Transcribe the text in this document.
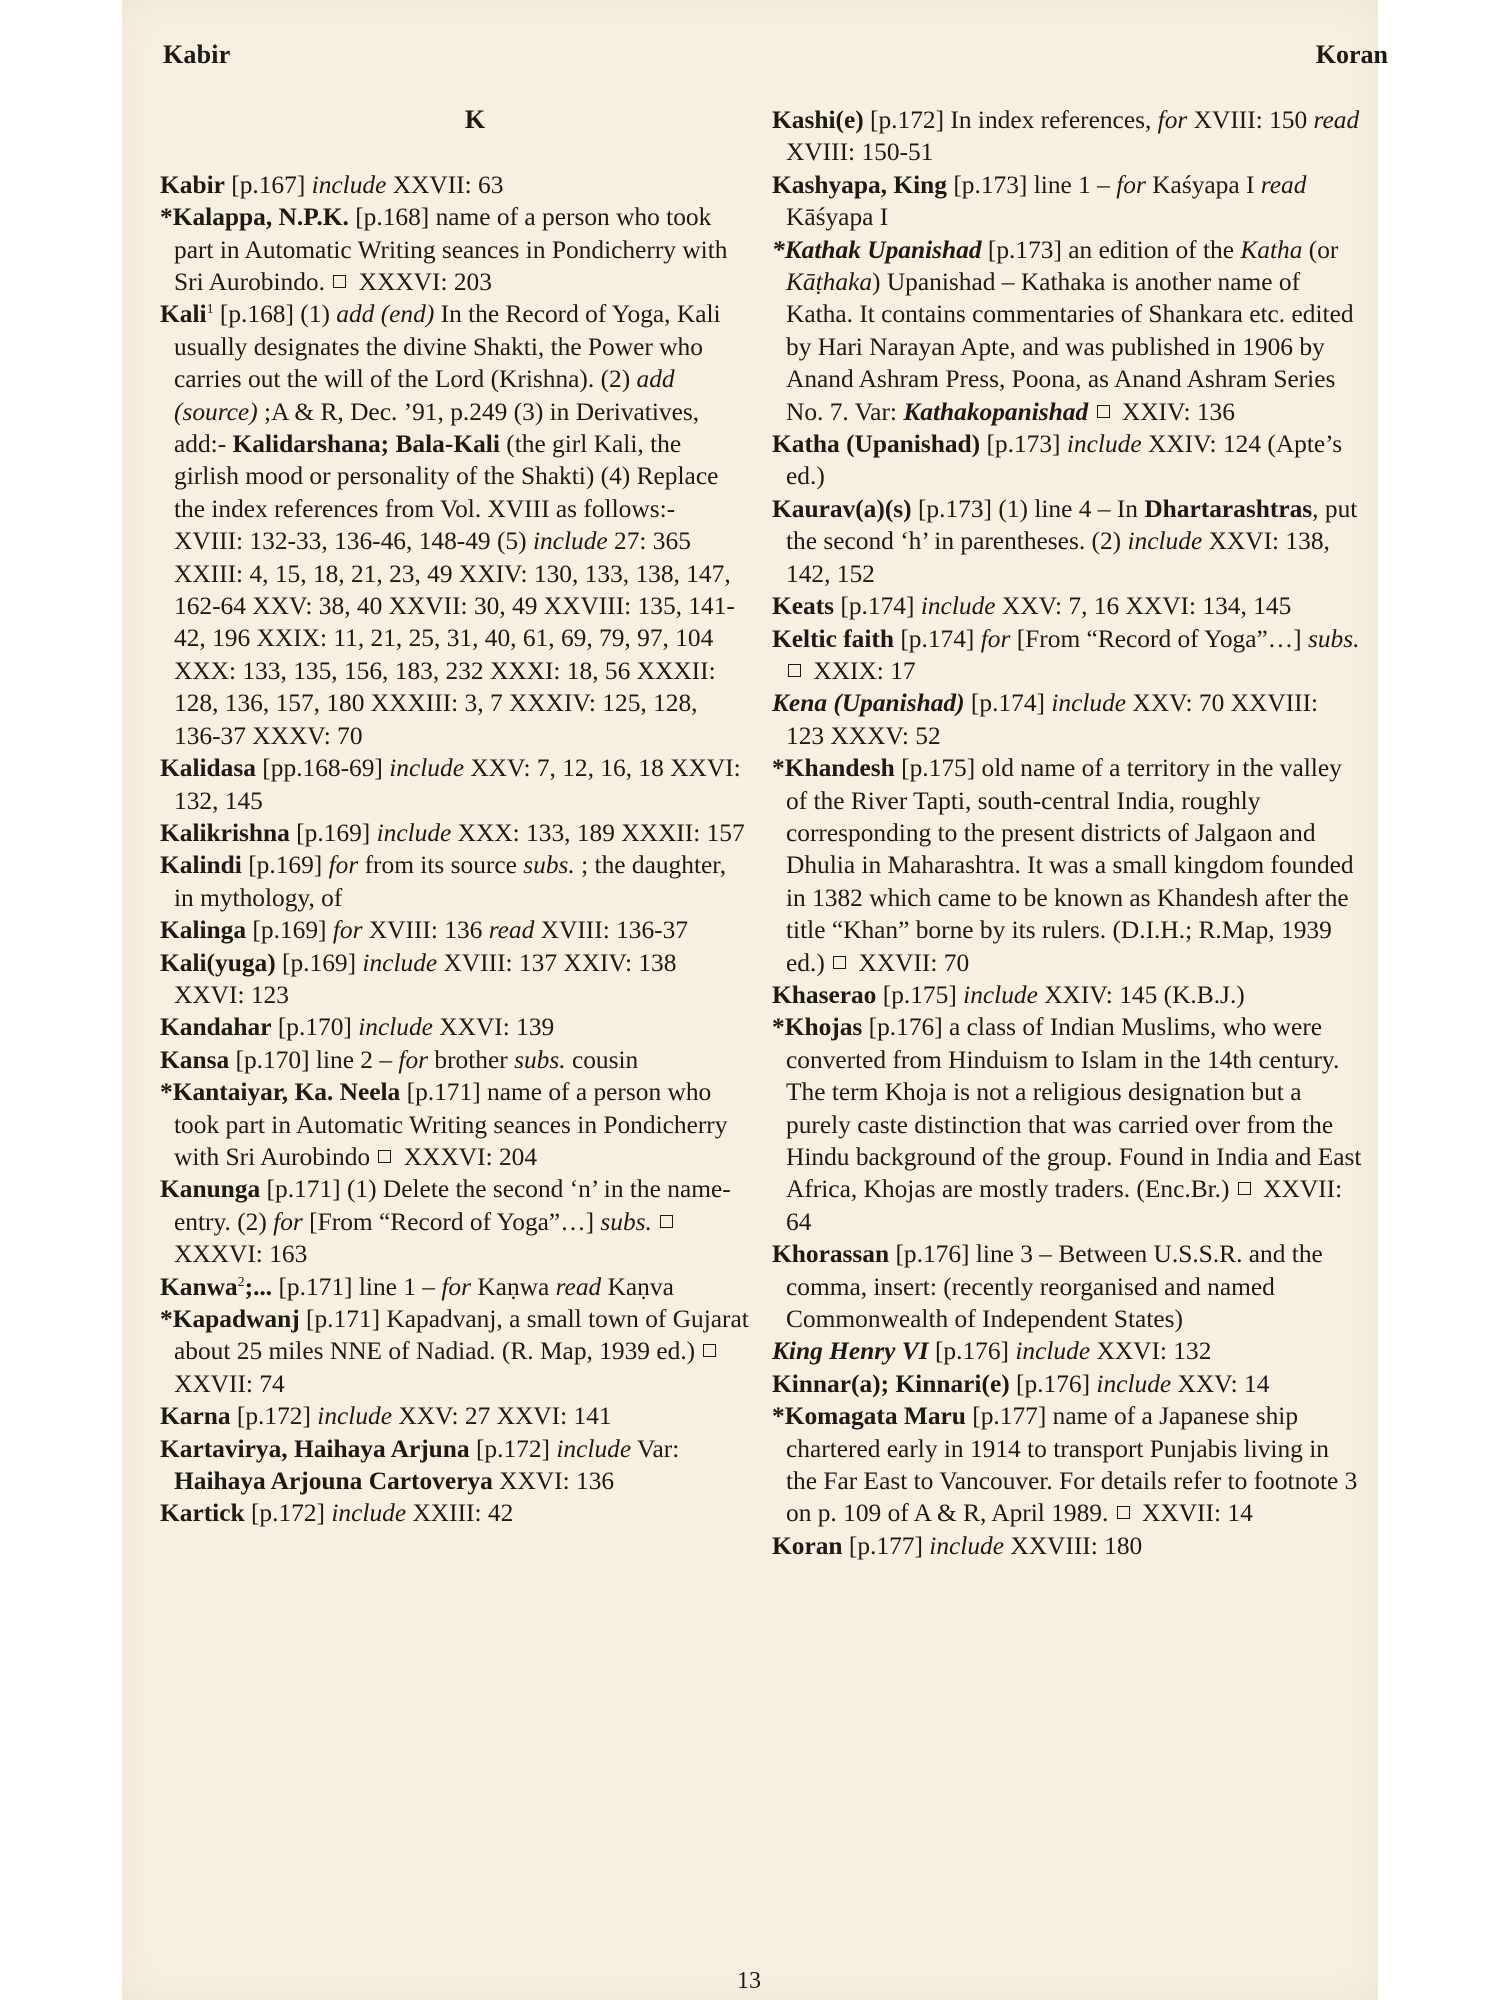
Kabir	Koran
K
Kabir [p.167] include XXVII: 63
*Kalappa, N.P.K. [p.168] name of a person who took part in Automatic Writing seances in Pondicherry with Sri Aurobindo.  XXXVI: 203
Kali$^1$ [p.168] (1) add (end) In the Record of Yoga, Kali usually designates the divine Shakti, the Power who carries out the will of the Lord (Krishna). (2) add (source) ;A & R, Dec. ’91, p.249 (3) in Derivatives, add:- Kalidarshana; Bala-Kali (the girl Kali, the girlish mood or personality of the Shakti) (4) Replace the index references from Vol. XVIII as follows:- XVIII: 132-33, 136-46, 148-49 (5) include 27: 365 XXIII: 4, 15, 18, 21, 23, 49 XXIV: 130, 133, 138, 147, 162-64 XXV: 38, 40 XXVII: 30, 49 XXVIII: 135, 141-42, 196 XXIX: 11, 21, 25, 31, 40, 61, 69, 79, 97, 104 XXX: 133, 135, 156, 183, 232 XXXI: 18, 56 XXXII: 128, 136, 157, 180 XXXIII: 3, 7 XXXIV: 125, 128, 136-37 XXXV: 70
Kalidasa [pp.168-69] include XXV: 7, 12, 16, 18 XXVI: 132, 145
Kalikrishna [p.169] include XXX: 133, 189 XXXII: 157
Kalindi [p.169] for from its source subs. ; the daughter, in mythology, of
Kalinga [p.169] for XVIII: 136 read XVIII: 136-37
Kali(yuga) [p.169] include XVIII: 137 XXIV: 138 XXVI: 123
Kandahar [p.170] include XXVI: 139
Kansa [p.170] line 2 – for brother subs. cousin
*Kantaiyar, Ka. Neela [p.171] name of a person who took part in Automatic Writing seances in Pondicherry with Sri Aurobindo  XXXVI: 204
Kanunga [p.171] (1) Delete the second ‘n’ in the name-entry. (2) for [From “Record of Yoga”…] subs.  XXXVI: 163
Kanwa$^2$;... [p.171] line 1 – for Kaṇwa read Kaṇva
*Kapadwanj [p.171] Kapadvanj, a small town of Gujarat about 25 miles NNE of Nadiad. (R. Map, 1939 ed.)  XXVII: 74
Karna [p.172] include XXV: 27 XXVI: 141
Kartavirya, Haihaya Arjuna [p.172] include Var: Haihaya Arjouna Cartoverya XXVI: 136
Kartick [p.172] include XXIII: 42
Kashi(e) [p.172] In index references, for XVIII: 150 read XVIII: 150-51
Kashyapa, King [p.173] line 1 – for Kaśyapa I read Kāśyapa I
*Kathak Upanishad [p.173] an edition of the Katha (or Kāṭhaka) Upanishad – Kathaka is another name of Katha. It contains commentaries of Shankara etc. edited by Hari Narayan Apte, and was published in 1906 by Anand Ashram Press, Poona, as Anand Ashram Series No. 7. Var: Kathakopanishad  XXIV: 136
Katha (Upanishad) [p.173] include XXIV: 124 (Apte’s ed.)
Kaurav(a)(s) [p.173] (1) line 4 – In Dhartarashtras, put the second ‘h’ in parentheses. (2) include XXVI: 138, 142, 152
Keats [p.174] include XXV: 7, 16 XXVI: 134, 145
Keltic faith [p.174] for [From “Record of Yoga”…] subs.  XXIX: 17
Kena (Upanishad) [p.174] include XXV: 70 XXVIII: 123 XXXV: 52
*Khandesh [p.175] old name of a territory in the valley of the River Tapti, south-central India, roughly corresponding to the present districts of Jalgaon and Dhulia in Maharashtra. It was a small kingdom founded in 1382 which came to be known as Khandesh after the title “Khan” borne by its rulers. (D.I.H.; R.Map, 1939 ed.)  XXVII: 70
Khaserao [p.175] include XXIV: 145 (K.B.J.)
*Khojas [p.176] a class of Indian Muslims, who were converted from Hinduism to Islam in the 14th century. The term Khoja is not a religious designation but a purely caste distinction that was carried over from the Hindu background of the group. Found in India and East Africa, Khojas are mostly traders. (Enc.Br.)  XXVII: 64
Khorassan [p.176] line 3 – Between U.S.S.R. and the comma, insert: (recently reorganised and named Commonwealth of Independent States)
King Henry VI [p.176] include XXVI: 132
Kinnar(a); Kinnari(e) [p.176] include XXV: 14
*Komagata Maru [p.177] name of a Japanese ship chartered early in 1914 to transport Punjabis living in the Far East to Vancouver. For details refer to footnote 3 on p. 109 of A & R, April 1989.  XXVII: 14
Koran [p.177] include XXVIII: 180
13
